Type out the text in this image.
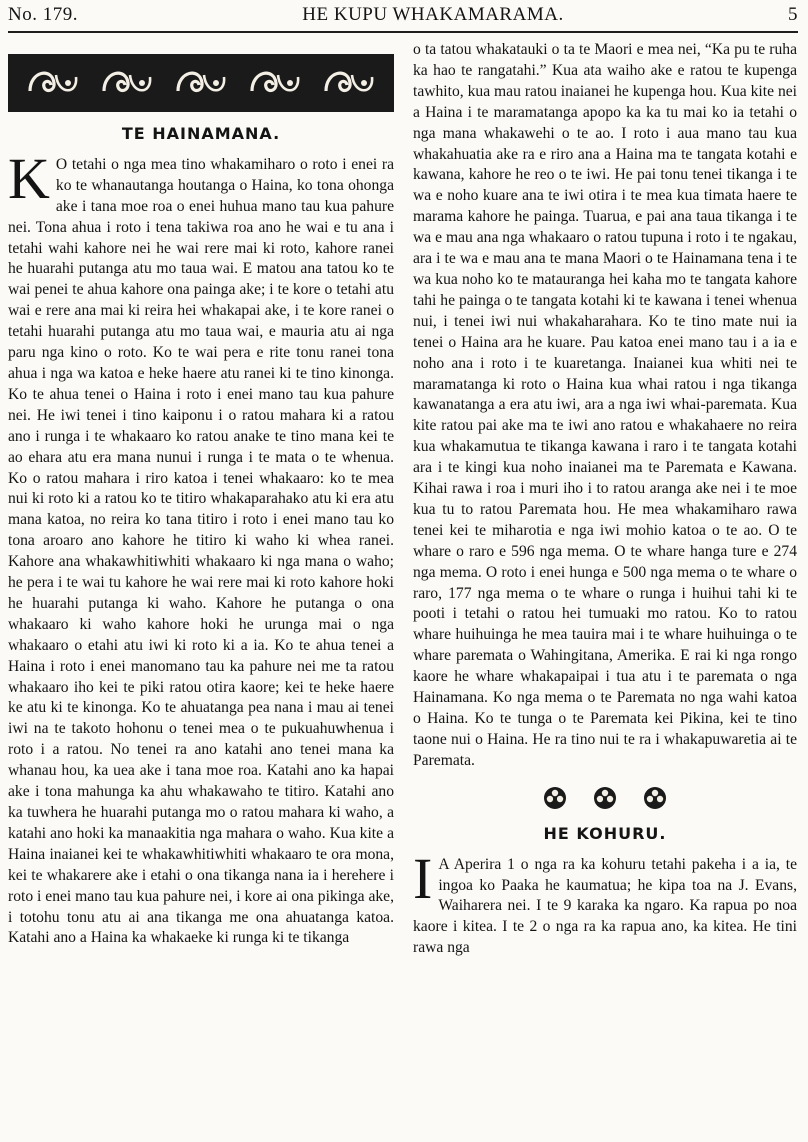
No. 179.	HE KUPU WHAKAMARAMA.	5
TE HAINAMANA.

K O tetahi o nga mea tino whakamiharo o roto i enei ra ko te whanautanga houtanga o Haina, ko tona ohonga ake i tana moe roa o enei huhua mano tau kua pahure nei. Tona ahua i roto i tena takiwa roa ano he wai e tu ana i tetahi wahi kahore nei he wai rere mai ki roto, kahore ranei he huarahi putanga atu mo taua wai. E matou ana tatou ko te wai penei te ahua kahore ona painga ake; i te kore o tetahi atu wai e rere ana mai ki reira hei whakapai ake, i te kore ranei o tetahi huarahi putanga atu mo taua wai, e mauria atu ai nga paru nga kino o roto. Ko te wai pera e rite tonu ranei tona ahua i nga wa katoa e heke haere atu ranei ki te tino kinonga. Ko te ahua tenei o Haina i roto i enei mano tau kua pahure nei. He iwi tenei i tino kaiponu i o ratou mahara ki a ratou ano i runga i te whakaaro ko ratou anake te tino mana kei te ao ehara atu era mana nunui i runga i te mata o te whenua. Ko o ratou mahara i riro katoa i tenei whakaaro: ko te mea nui ki roto ki a ratou ko te titiro whakaparahako atu ki era atu mana katoa, no reira ko tana titiro i roto i enei mano tau ko tona aroaro ano kahore he titiro ki waho ki whea ranei. Kahore ana whakawhitiwhiti whakaaro ki nga mana o waho; he pera i te wai tu kahore he wai rere mai ki roto kahore hoki he huarahi putanga ki waho. Kahore he putanga o ona whakaaro ki waho kahore hoki he urunga mai o nga whakaaro o etahi atu iwi ki roto ki a ia. Ko te ahua tenei a Haina i roto i enei manomano tau ka pahure nei me ta ratou whakaaro iho kei te piki ratou otira kaore; kei te heke haere ke atu ki te kinonga. Ko te ahuatanga pea nana i mau ai tenei iwi na te takoto hohonu o tenei mea o te pukuahuwhenua i roto i a ratou. No tenei ra ano katahi ano tenei mana ka whanau hou, ka uea ake i tana moe roa. Katahi ano ka hapai ake i tona mahunga ka ahu whakawaho te titiro. Katahi ano ka tuwhera he huarahi putanga mo o ratou mahara ki waho, a katahi ano hoki ka manaakitia nga mahara o waho. Kua kite a Haina inaianei kei te whakawhitiwhiti whakaaro te ora mona, kei te whakarere ake i etahi o ona tikanga nana ia i herehere i roto i enei mano tau kua pahure nei, i kore ai ona pikinga ake, i totohu tonu atu ai ana tikanga me ona ahuatanga katoa. Katahi ano a Haina ka whakaeke ki runga ki te tikanga

o ta tatou whakatauki o ta te Maori e mea nei, “Ka pu te ruha ka hao te rangatahi.” Kua ata waiho ake e ratou te kupenga tawhito, kua mau ratou inaianei he kupenga hou. Kua kite nei a Haina i te maramatanga apopo ka ka tu mai ko ia tetahi o nga mana whakawehi o te ao. I roto i aua mano tau kua whakahuatia ake ra e riro ana a Haina ma te tangata kotahi e kawana, kahore he reo o te iwi. He pai tonu tenei tikanga i te wa e noho kuare ana te iwi otira i te mea kua timata haere te marama kahore he painga. Tuarua, e pai ana taua tikanga i te wa e mau ana nga whakaaro o ratou tupuna i roto i te ngakau, ara i te wa e mau ana te mana Maori o te Hainamana tena i te wa kua noho ko te matauranga hei kaha mo te tangata kahore tahi he painga o te tangata kotahi ki te kawana i tenei whenua nui, i tenei iwi nui whakaharahara. Ko te tino mate nui ia tenei o Haina ara he kuare. Pau katoa enei mano tau i a ia e noho ana i roto i te kuaretanga. Inaianei kua whiti nei te maramatanga ki roto o Haina kua whai ratou i nga tikanga kawanatanga a era atu iwi, ara a nga iwi whai-paremata. Kua kite ratou pai ake ma te iwi ano ratou e whakahaere no reira kua whakamutua te tikanga kawana i raro i te tangata kotahi ara i te kingi kua noho inaianei ma te Paremata e Kawana. Kihai rawa i roa i muri iho i to ratou aranga ake nei i te moe kua tu to ratou Paremata hou. He mea whakamiharo rawa tenei kei te miharotia e nga iwi mohio katoa o te ao. O te whare o raro e 596 nga mema. O te whare hanga ture e 274 nga mema. O roto i enei hunga e 500 nga mema o te whare o raro, 177 nga mema o te whare o runga i huihui tahi ki te pooti i tetahi o ratou hei tumuaki mo ratou. Ko to ratou whare huihuinga he mea tauira mai i te whare huihuinga o te whare paremata o Wahingitana, Amerika. E rai ki nga rongo kaore he whare whakapaipai i tua atu i te paremata o nga Hainamana. Ko nga mema o te Paremata no nga wahi katoa o Haina. Ko te tunga o te Paremata kei Pikina, kei te tino taone nui o Haina. He ra tino nui te ra i whakapuwaretia ai te Paremata.

HE KOHURU.

I A Aperira 1 o nga ra ka kohuru tetahi pakeha i a ia, te ingoa ko Paaka he kaumatua; he kipa toa na J. Evans, Waiharera nei. I te 9 karaka ka ngaro. Ka rapua po noa kaore i kitea. I te 2 o nga ra ka rapua ano, ka kitea. He tini rawa nga
